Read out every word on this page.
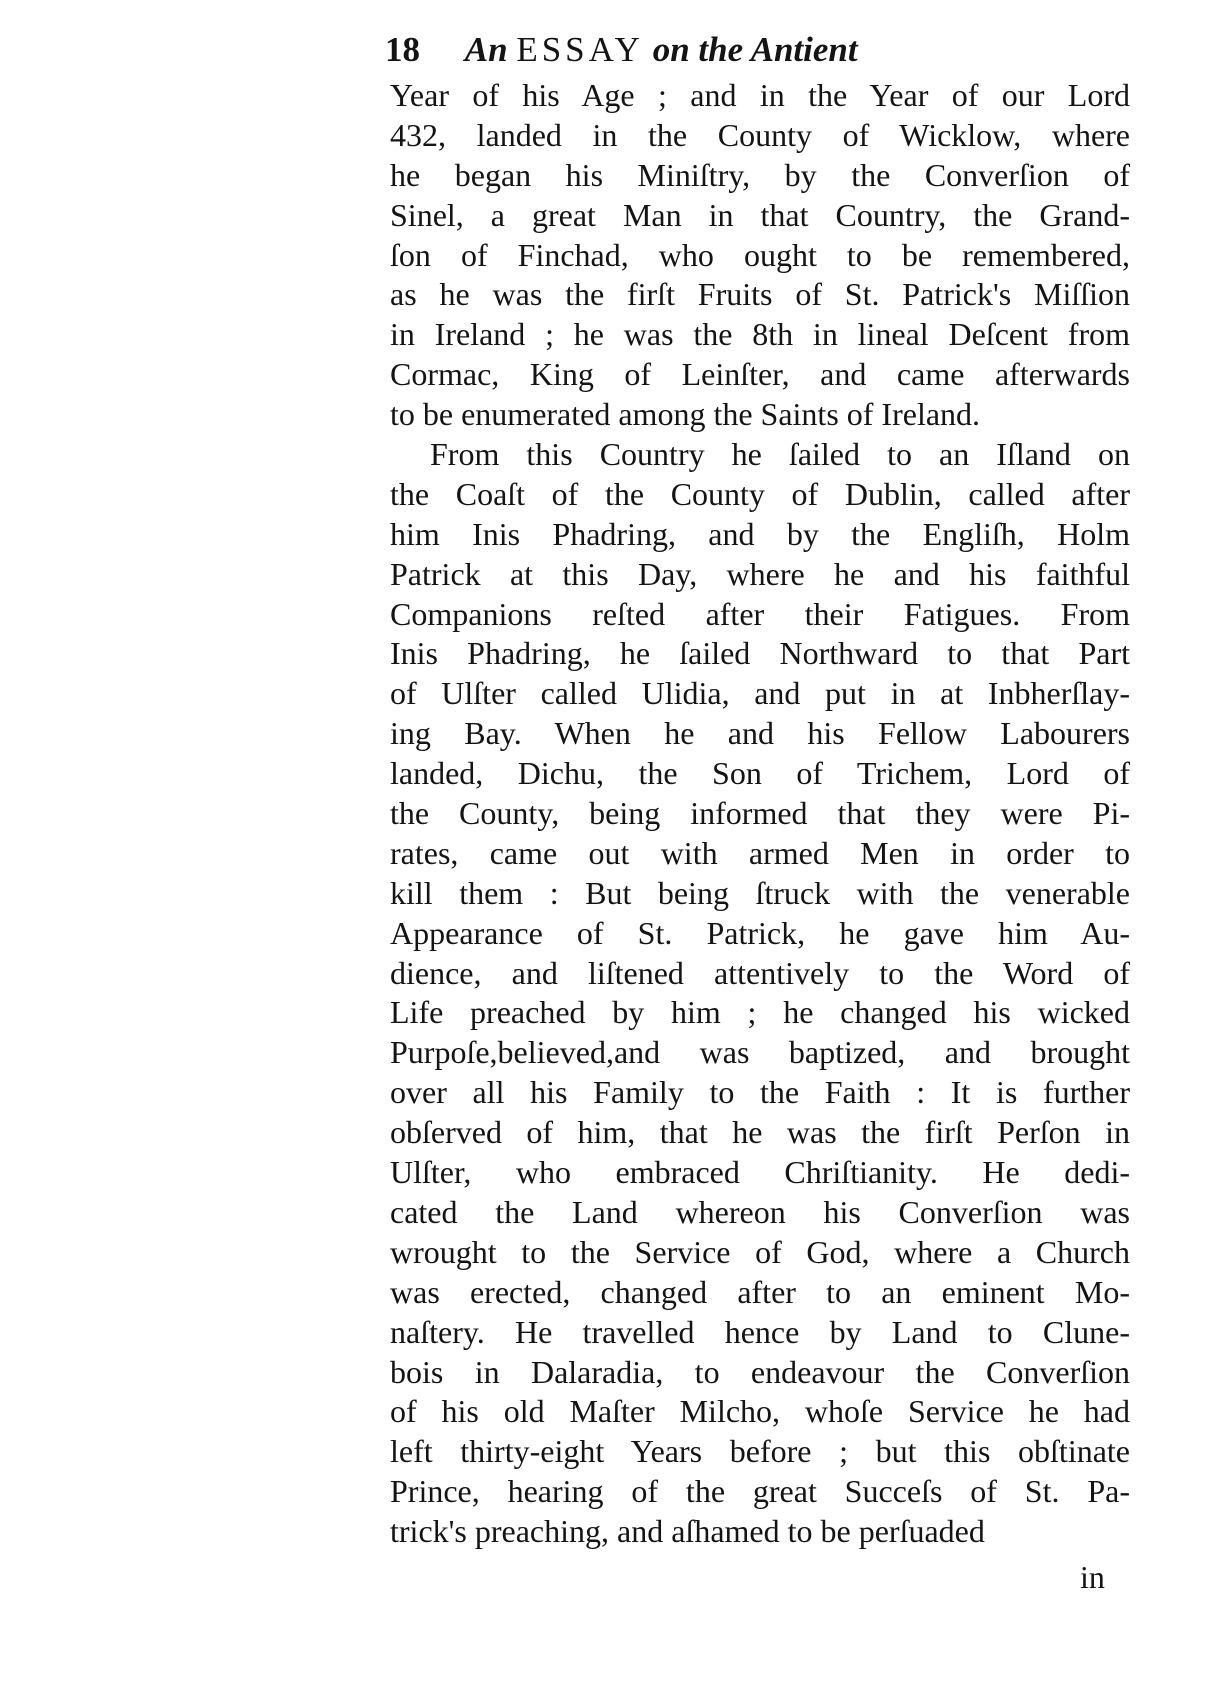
18 An ESSAY on the Antient
Year of his Age ; and in the Year of our Lord
432, landed in the County of Wicklow, where
he began his Miniſtry, by the Converſion of
Sinel, a great Man in that Country, the Grand-
ſon of Finchad, who ought to be remembered,
as he was the firſt Fruits of St. Patrick's Miſſion
in Ireland ; he was the 8th in lineal Deſcent from
Cormac, King of Leinſter, and came afterwards
to be enumerated among the Saints of Ireland.
From this Country he ſailed to an Iſland on
the Coaſt of the County of Dublin, called after
him Inis Phadring, and by the Engliſh, Holm
Patrick at this Day, where he and his faithful
Companions reſted after their Fatigues. From
Inis Phadring, he ſailed Northward to that Part
of Ulſter called Ulidia, and put in at Inbherſlay-
ing Bay. When he and his Fellow Labourers
landed, Dichu, the Son of Trichem, Lord of
the County, being informed that they were Pi-
rates, came out with armed Men in order to
kill them : But being ſtruck with the venerable
Appearance of St. Patrick, he gave him Au-
dience, and liſtened attentively to the Word of
Life preached by him ; he changed his wicked
Purpoſe,believed,and was baptized, and brought
over all his Family to the Faith : It is further
obſerved of him, that he was the firſt Perſon in
Ulſter, who embraced Chriſtianity. He dedi-
cated the Land whereon his Converſion was
wrought to the Service of God, where a Church
was erected, changed after to an eminent Mo-
naſtery. He travelled hence by Land to Clune-
bois in Dalaradia, to endeavour the Converſion
of his old Maſter Milcho, whoſe Service he had
left thirty-eight Years before ; but this obſtinate
Prince, hearing of the great Succeſs of St. Pa-
trick's preaching, and aſhamed to be perſuaded
in
